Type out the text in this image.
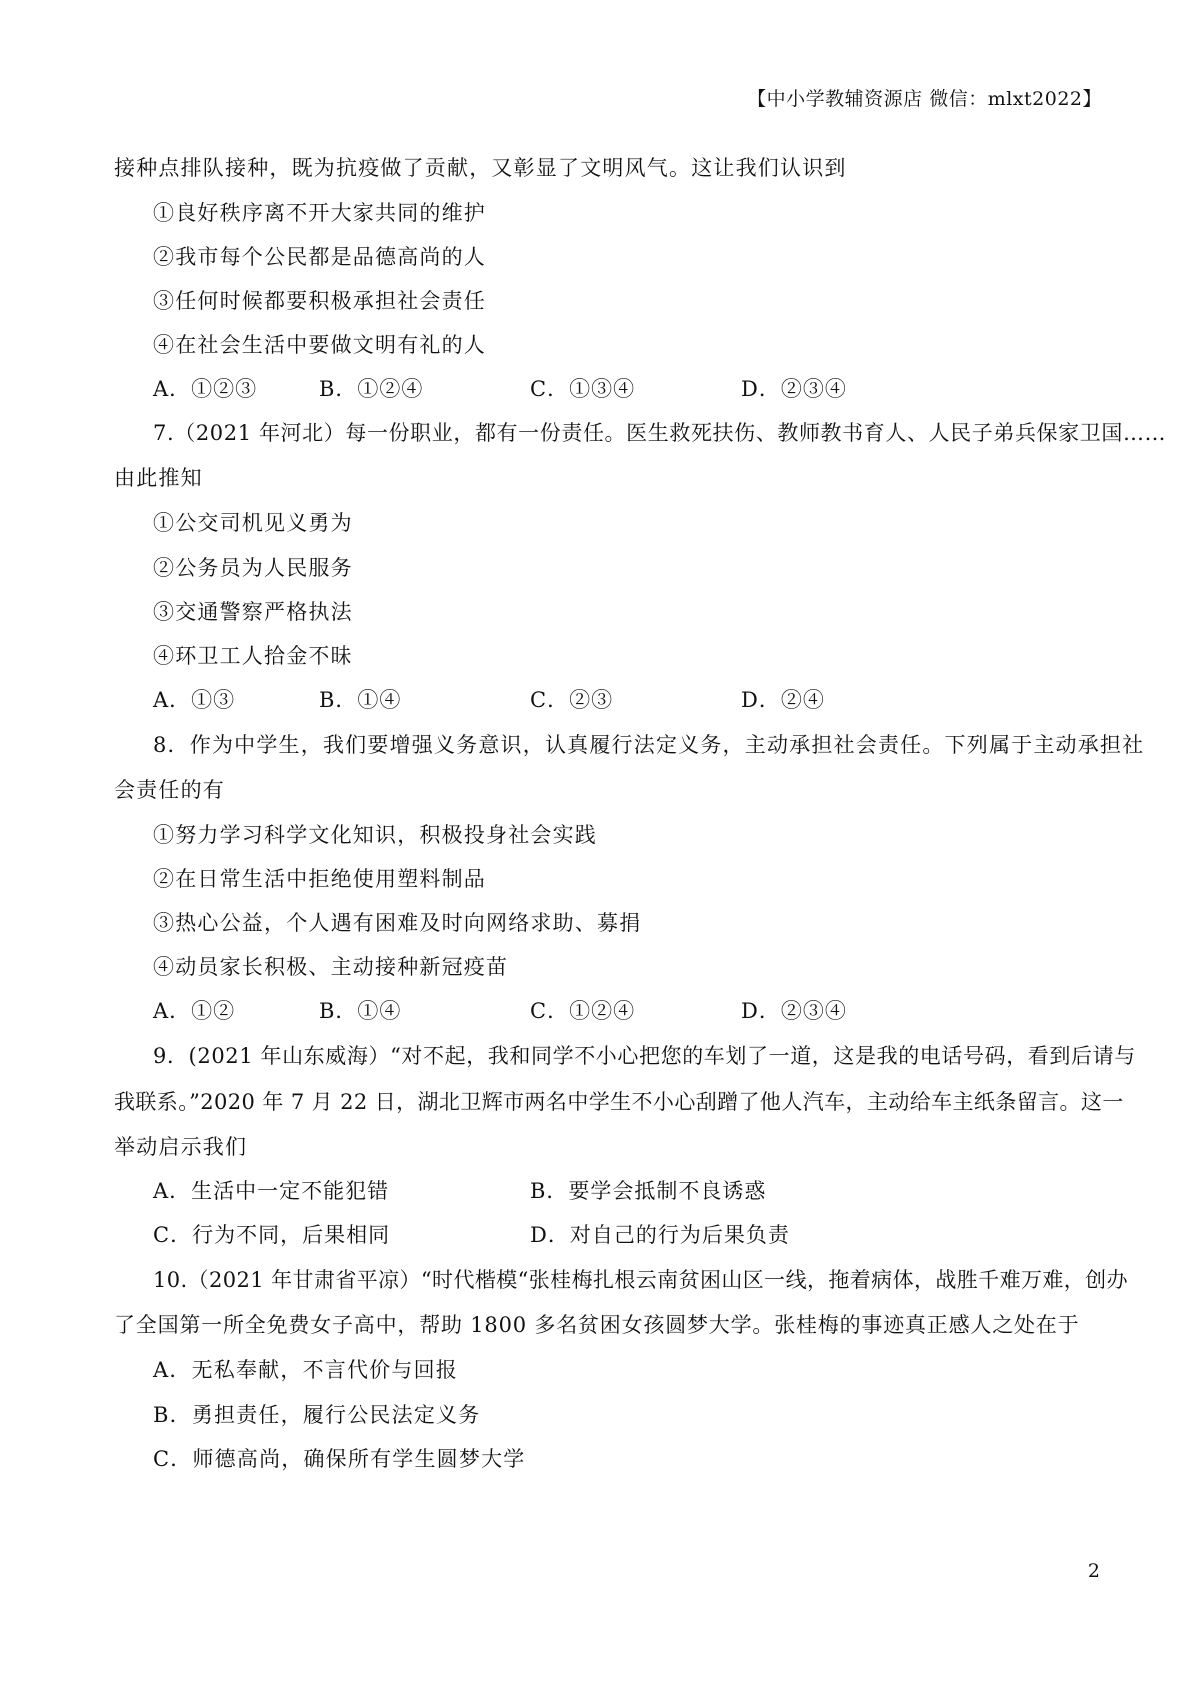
【中小学教辅资源店 微信：mlxt2022】
接种点排队接种，既为抗疫做了贡献，又彰显了文明风气。这让我们认识到
①良好秩序离不开大家共同的维护
②我市每个公民都是品德高尚的人
③任何时候都要积极承担社会责任
④在社会生活中要做文明有礼的人
A．①②③	B．①②④	C．①③④	D．②③④
7.（2021 年河北）每一份职业，都有一份责任。医生救死扶伤、教师教书育人、人民子弟兵保家卫国……
由此推知
①公交司机见义勇为
②公务员为人民服务
③交通警察严格执法
④环卫工人拾金不昧
A．①③	B．①④	C．②③	D．②④
8．作为中学生，我们要增强义务意识，认真履行法定义务，主动承担社会责任。下列属于主动承担社
会责任的有
①努力学习科学文化知识，积极投身社会实践
②在日常生活中拒绝使用塑料制品
③热心公益，个人遇有困难及时向网络求助、募捐
④动员家长积极、主动接种新冠疫苗
A．①②	B．①④	C．①②④	D．②③④
9．(2021 年山东威海）“对不起，我和同学不小心把您的车划了一道，这是我的电话号码，看到后请与
我联系。”2020 年 7 月 22 日，湖北卫辉市两名中学生不小心刮蹭了他人汽车，主动给车主纸条留言。这一
举动启示我们
A．生活中一定不能犯错	B．要学会抵制不良诱惑
C．行为不同，后果相同	D．对自己的行为后果负责
10.（2021 年甘肃省平凉）“时代楷模“张桂梅扎根云南贫困山区一线，拖着病体，战胜千难万难，创办
了全国第一所全免费女子高中，帮助 1800 多名贫困女孩圆梦大学。张桂梅的事迹真正感人之处在于
A．无私奉献，不言代价与回报
B．勇担责任，履行公民法定义务
C．师德高尚，确保所有学生圆梦大学
2
